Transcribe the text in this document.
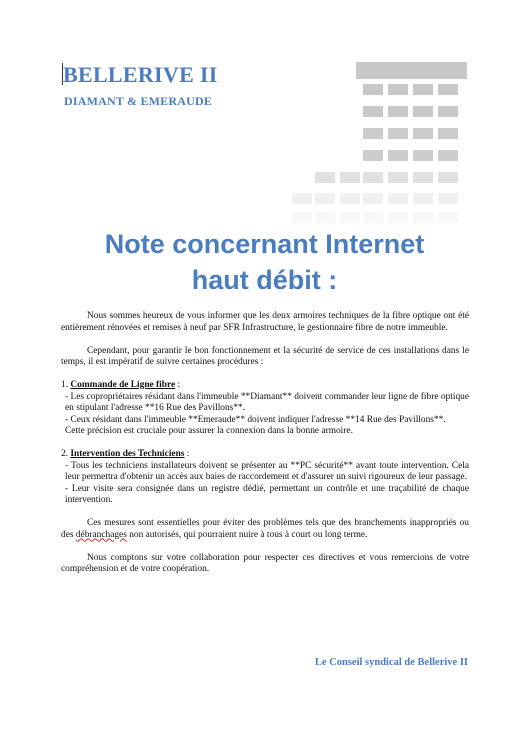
BELLERIVE II
DIAMANT & EMERAUDE
Note concernant Internet
haut débit :

Nous sommes heureux de vous informer que les deux armoires techniques de la fibre optique ont été entièrement rénovées et remises à neuf par SFR Infrastructure, le gestionnaire fibre de notre immeuble.

Cependant, pour garantir le bon fonctionnement et la sécurité de service de ces installations dans le temps, il est impératif de suivre certaines procédures :

1. Commande de Ligne fibre :

- Les copropriétaires résidant dans l'immeuble **Diamant** doivent commander leur ligne de fibre optique en stipulant l'adresse **16 Rue des Pavillons**.

- Ceux résidant dans l'immeuble **Emeraude** doivent indiquer l'adresse **14 Rue des Pavillons**.

Cette précision est cruciale pour assurer la connexion dans la bonne armoire.

2. Intervention des Techniciens :

- Tous les techniciens installateurs doivent se présenter au **PC sécurité** avant toute intervention. Cela leur permettra d'obtenir un accès aux baies de raccordement et d'assurer un suivi rigoureux de leur passage.

- Leur visite sera consignée dans un registre dédié, permettant un contrôle et une traçabilité de chaque intervention.

Ces mesures sont essentielles pour éviter des problèmes tels que des branchements inappropriés ou des débranchages non autorisés, qui pourraient nuire à tous à court ou long terme.

Nous comptons sur votre collaboration pour respecter ces directives et vous remercions de votre compréhension et de votre coopération.

Le Conseil syndical de Bellerive II
